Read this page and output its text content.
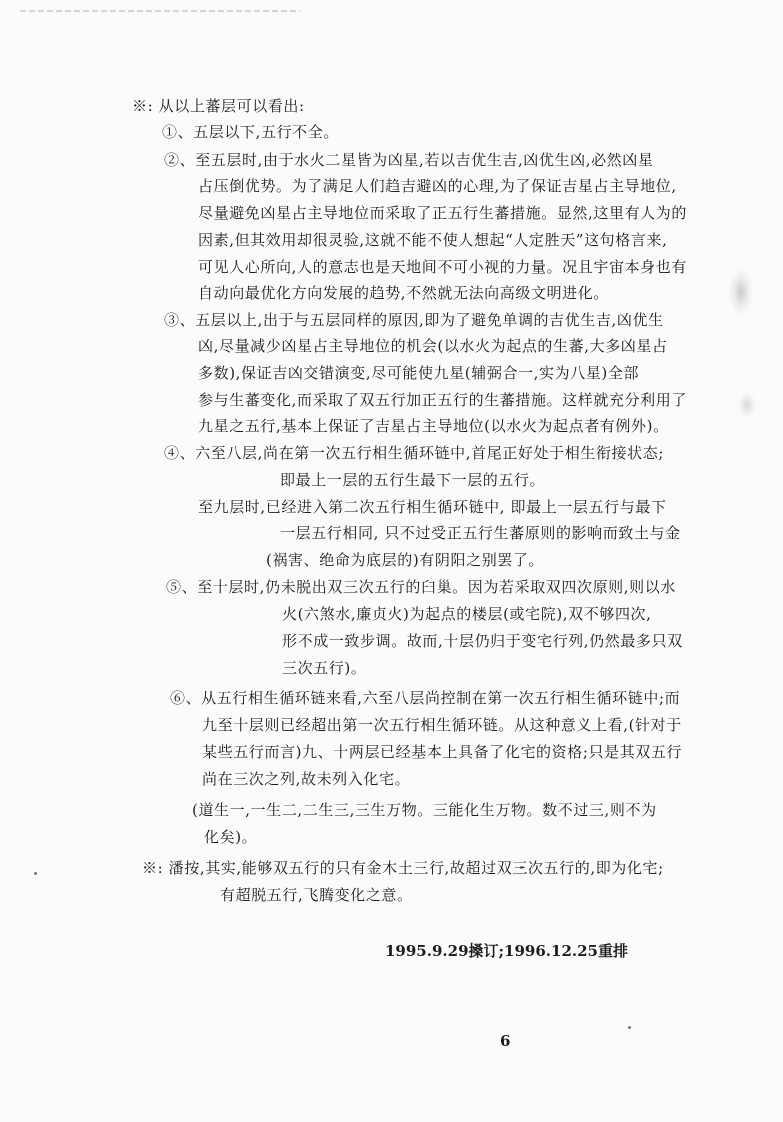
※: 从以上蕃层可以看出:
①、五层以下,五行不全。
②、至五层时,由于水火二星皆为凶星,若以吉优生吉,凶优生凶,必然凶星
占压倒优势。为了满足人们趋吉避凶的心理,为了保证吉星占主导地位,
尽量避免凶星占主导地位而采取了正五行生蕃措施。显然,这里有人为的
因素,但其效用却很灵验,这就不能不使人想起“人定胜天”这句格言来,
可见人心所向,人的意志也是天地间不可小视的力量。况且宇宙本身也有
自动向最优化方向发展的趋势,不然就无法向高级文明进化。
③、五层以上,出于与五层同样的原因,即为了避免单调的吉优生吉,凶优生
凶,尽量减少凶星占主导地位的机会(以水火为起点的生蕃,大多凶星占
多数),保证吉凶交错演变,尽可能使九星(辅弼合一,实为八星)全部
参与生蕃变化,而采取了双五行加正五行的生蕃措施。这样就充分利用了
九星之五行,基本上保证了吉星占主导地位(以水火为起点者有例外)。
④、六至八层,尚在第一次五行相生循环链中,首尾正好处于相生衔接状态;
即最上一层的五行生最下一层的五行。
至九层时,已经进入第二次五行相生循环链中, 即最上一层五行与最下
一层五行相同, 只不过受正五行生蕃原则的影响而致土与金
(祸害、绝命为底层的)有阴阳之别罢了。
⑤、至十层时,仍未脱出双三次五行的臼巢。因为若采取双四次原则,则以水
火(六煞水,廉贞火)为起点的楼层(或宅院),双不够四次,
形不成一致步调。故而,十层仍归于变宅行列,仍然最多只双
三次五行)。
⑥、从五行相生循环链来看,六至八层尚控制在第一次五行相生循环链中;而
九至十层则已经超出第一次五行相生循环链。从这种意义上看,(针对于
某些五行而言)九、十两层已经基本上具备了化宅的资格;只是其双五行
尚在三次之列,故未列入化宅。
(道生一,一生二,二生三,三生万物。三能化生万物。数不过三,则不为
化矣)。
※: 潘按,其实,能够双五行的只有金木土三行,故超过双三次五行的,即为化宅;
有超脱五行,飞腾变化之意。
1995.9.29搡订;1996.12.25重排
6
